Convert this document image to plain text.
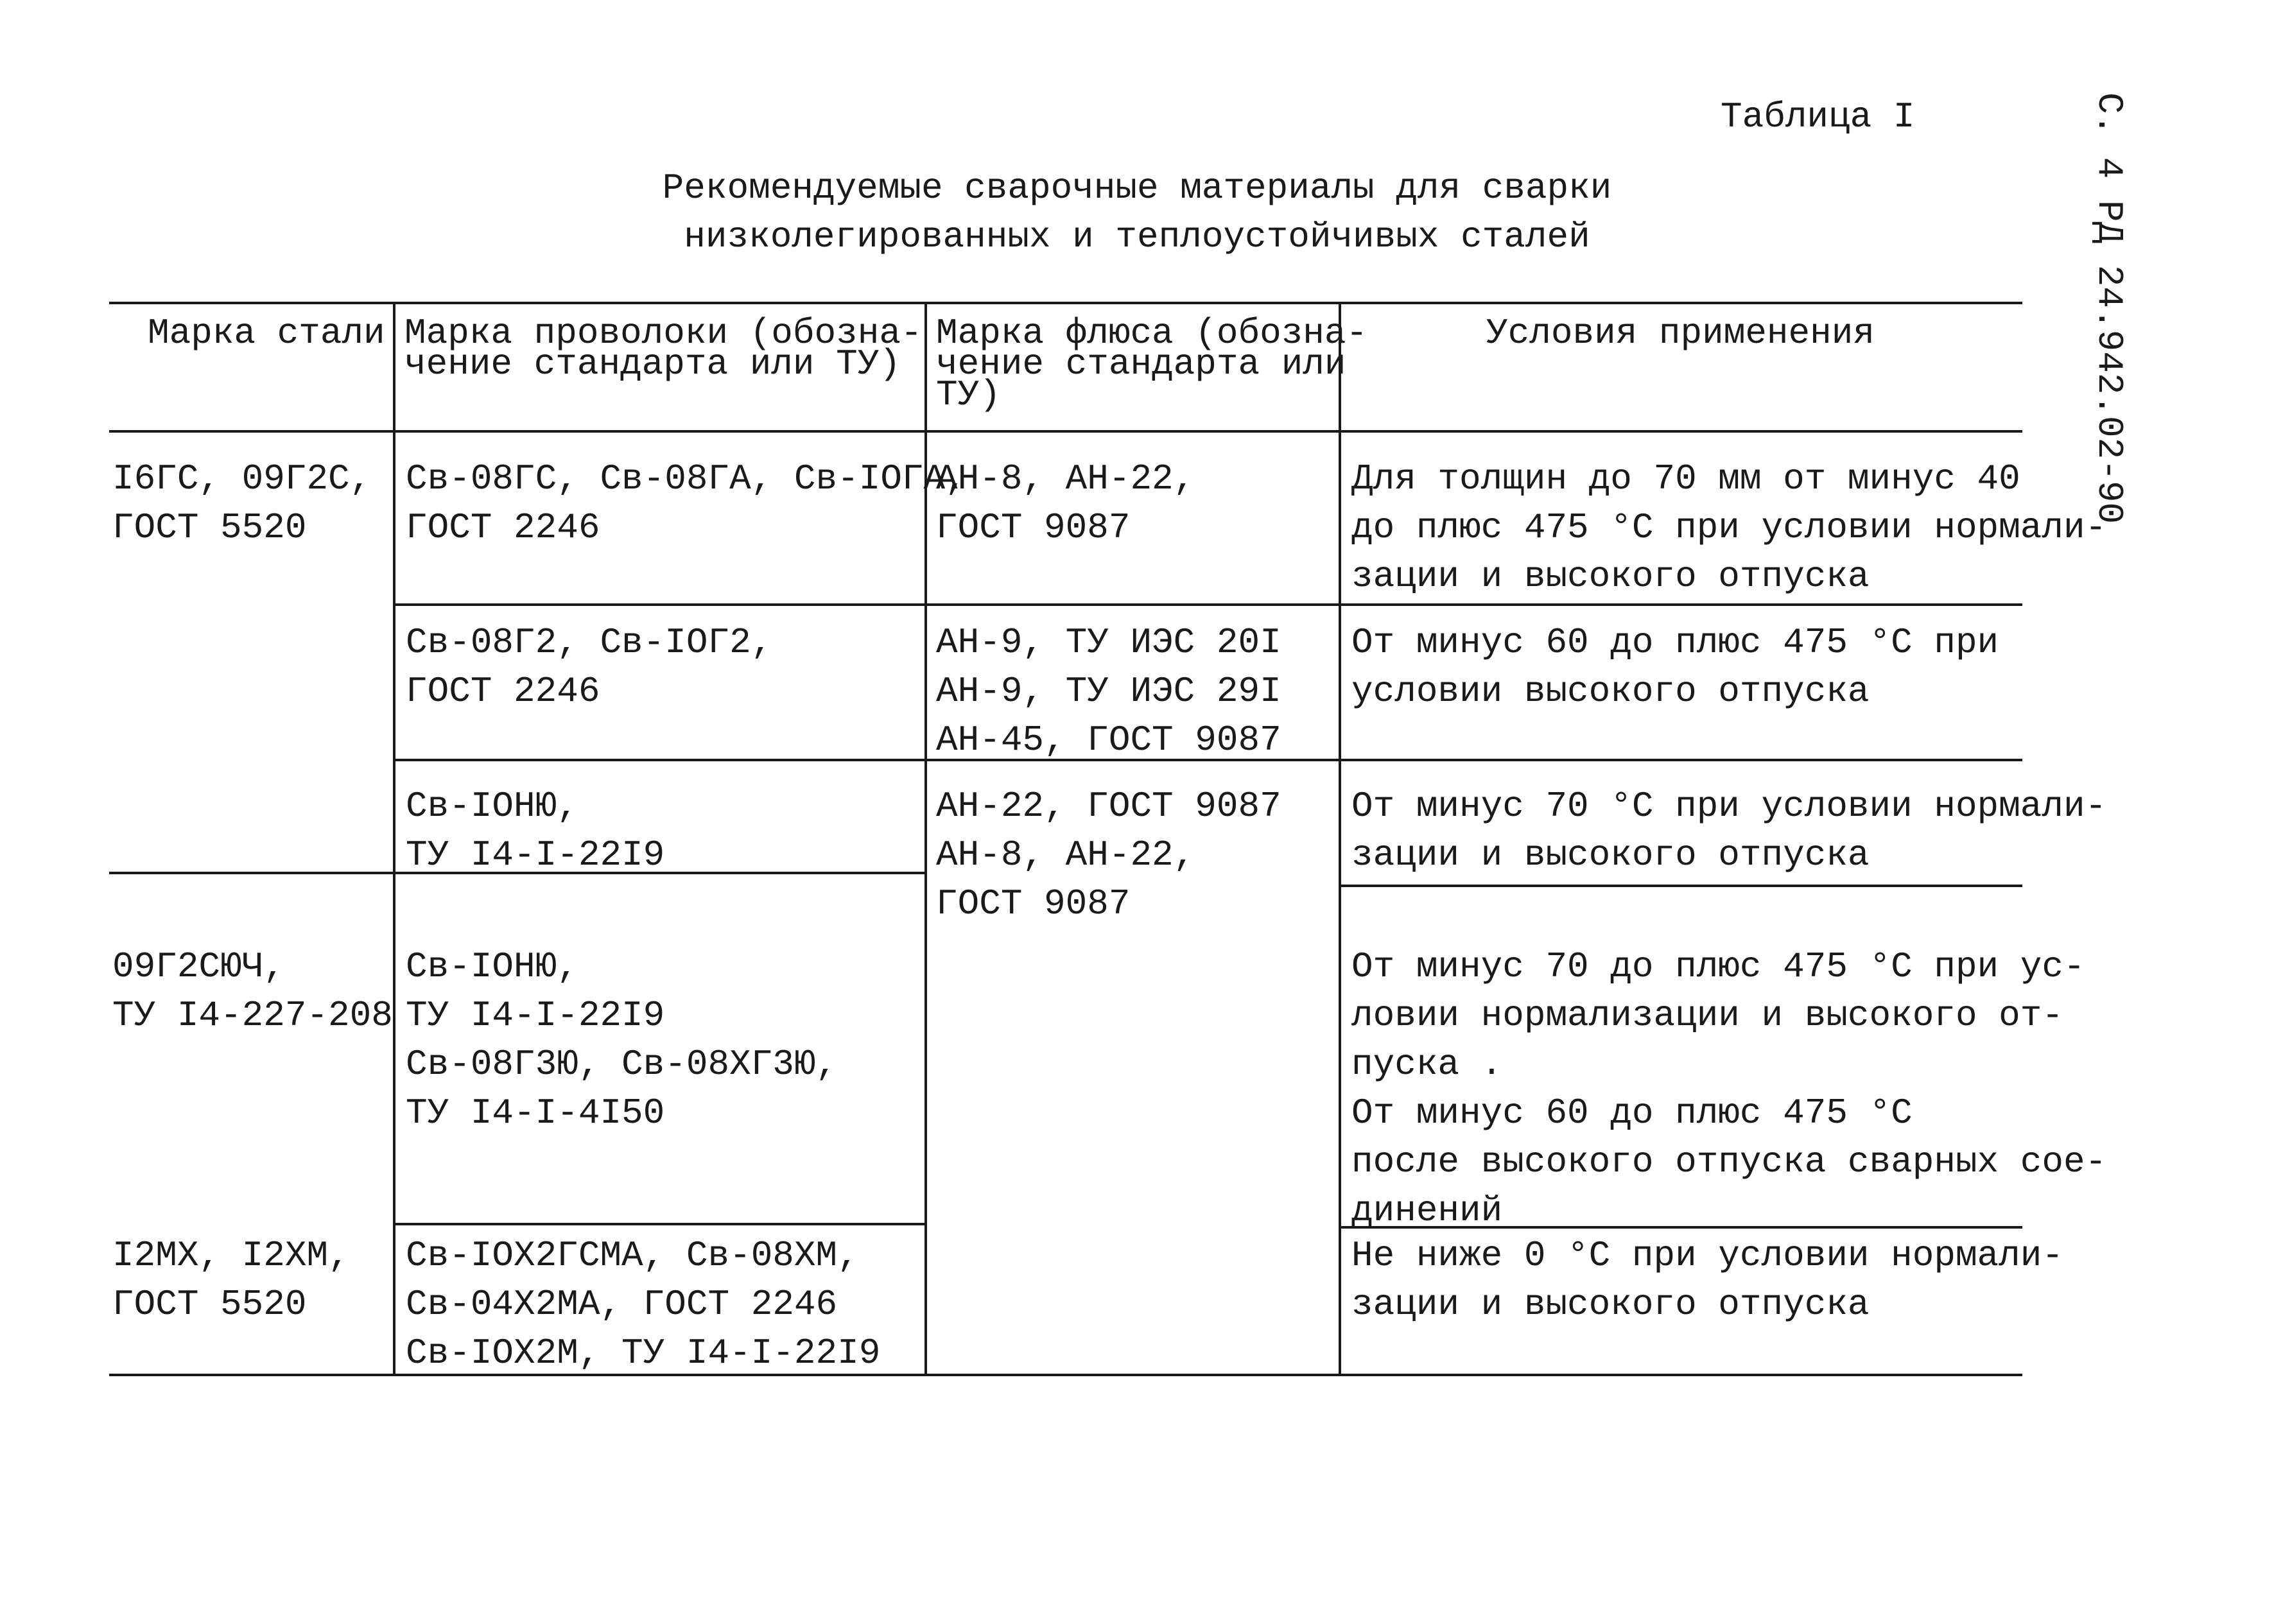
Таблица I	С. 4 РД 24.942.02-90
Рекомендуемые сварочные материалы для сварки
низколегированных и теплоустойчивых сталей
Марка стали Марка проволоки (обозна-
чение стандарта или ТУ)
Марка флюса (обозна-
чение стандарта или
ТУ)
Условия применения
I6ГС, 09Г2С,
ГОСТ 5520
09Г2СЮЧ,
ТУ I4-227-208
I2МХ, I2ХМ,
ГОСТ 5520
Св-08ГС, Св-08ГА, Св-IОГА,
ГОСТ 2246
Св-08Г2, Св-IОГ2,
ГОСТ 2246
Св-IОНЮ,
ТУ I4-I-22I9
Св-IОНЮ,
ТУ I4-I-22I9
Св-08Г3Ю, Св-08ХГ3Ю,
ТУ I4-I-4I50
Св-IОХ2ГСМА, Св-08ХМ,
Св-04Х2МА, ГОСТ 2246
Св-IОХ2М, ТУ I4-I-22I9
АН-8, АН-22,
ГОСТ 9087
АН-9, ТУ ИЭС 20I
АН-9, ТУ ИЭС 29I
АН-45, ГОСТ 9087
АН-22, ГОСТ 9087
АН-8, АН-22,
ГОСТ 9087
Для толщин до 70 мм от минус 40
до плюс 475 °С при условии нормали-
зации и высокого отпуска
От минус 60 до плюс 475 °С при
условии высокого отпуска
От минус 70 °С при условии нормали-
зации и высокого отпуска
От минус 70 до плюс 475 °С при ус-
ловии нормализации и высокого от-
пуска .
От минус 60 до плюс 475 °С
после высокого отпуска сварных сое-
динений
Не ниже 0 °С при условии нормали-
зации и высокого отпуска
